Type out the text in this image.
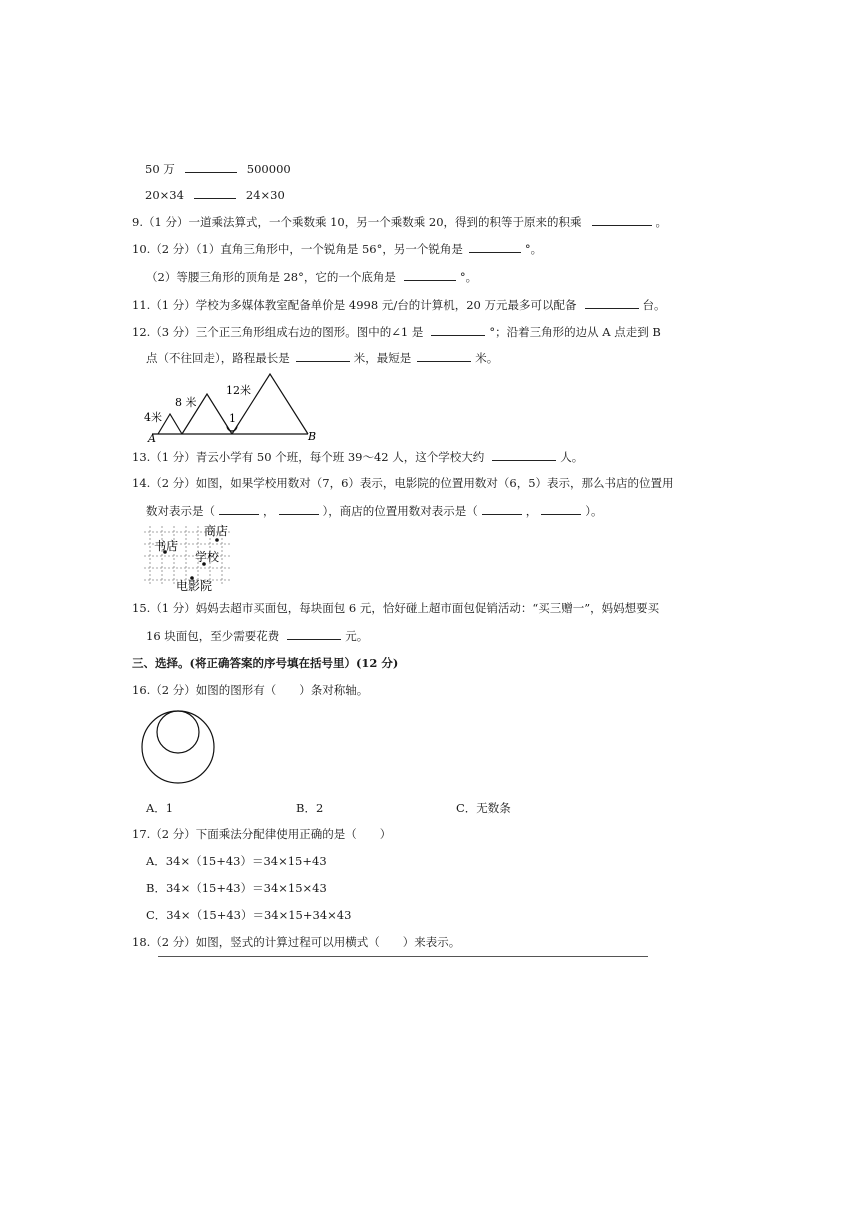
50 万	500000
20×34	24×30
9.（1 分）一道乘法算式，一个乘数乘 10，另一个乘数乘 20，得到的积等于原来的积乘	。
10.（2 分）（1）直角三角形中，一个锐角是 56°，另一个锐角是	°。
（2）等腰三角形的顶角是 28°，它的一个底角是	°。
11.（1 分）学校为多媒体教室配备单价是 4998 元/台的计算机，20 万元最多可以配备	台。
12.（3 分）三个正三角形组成右边的图形。图中的∠1 是	°；沿着三角形的边从 A 点走到 B
点（不往回走），路程最长是	米，最短是	米。
4米
8 米
12米
1
A	B
13.（1 分）青云小学有 50 个班，每个班 39～42 人，这个学校大约	人。
14.（2 分）如图，如果学校用数对（7，6）表示，电影院的位置用数对（6，5）表示，那么书店的位置用
数对表示是（	，	），商店的位置用数对表示是（	，	）。
商店
书店
学校
电影院
15.（1 分）妈妈去超市买面包，每块面包 6 元，恰好碰上超市面包促销活动：“买三赠一”，妈妈想要买
16 块面包，至少需要花费	元。
三、选择。(将正确答案的序号填在括号里）(12 分)
16.（2 分）如图的图形有（　　）条对称轴。
A．1	B．2	C．无数条
17.（2 分）下面乘法分配律使用正确的是（　　）
A．34×（15+43）＝34×15+43
B．34×（15+43）＝34×15×43
C．34×（15+43）＝34×15+34×43
18.（2 分）如图，竖式的计算过程可以用横式（　　）来表示。
